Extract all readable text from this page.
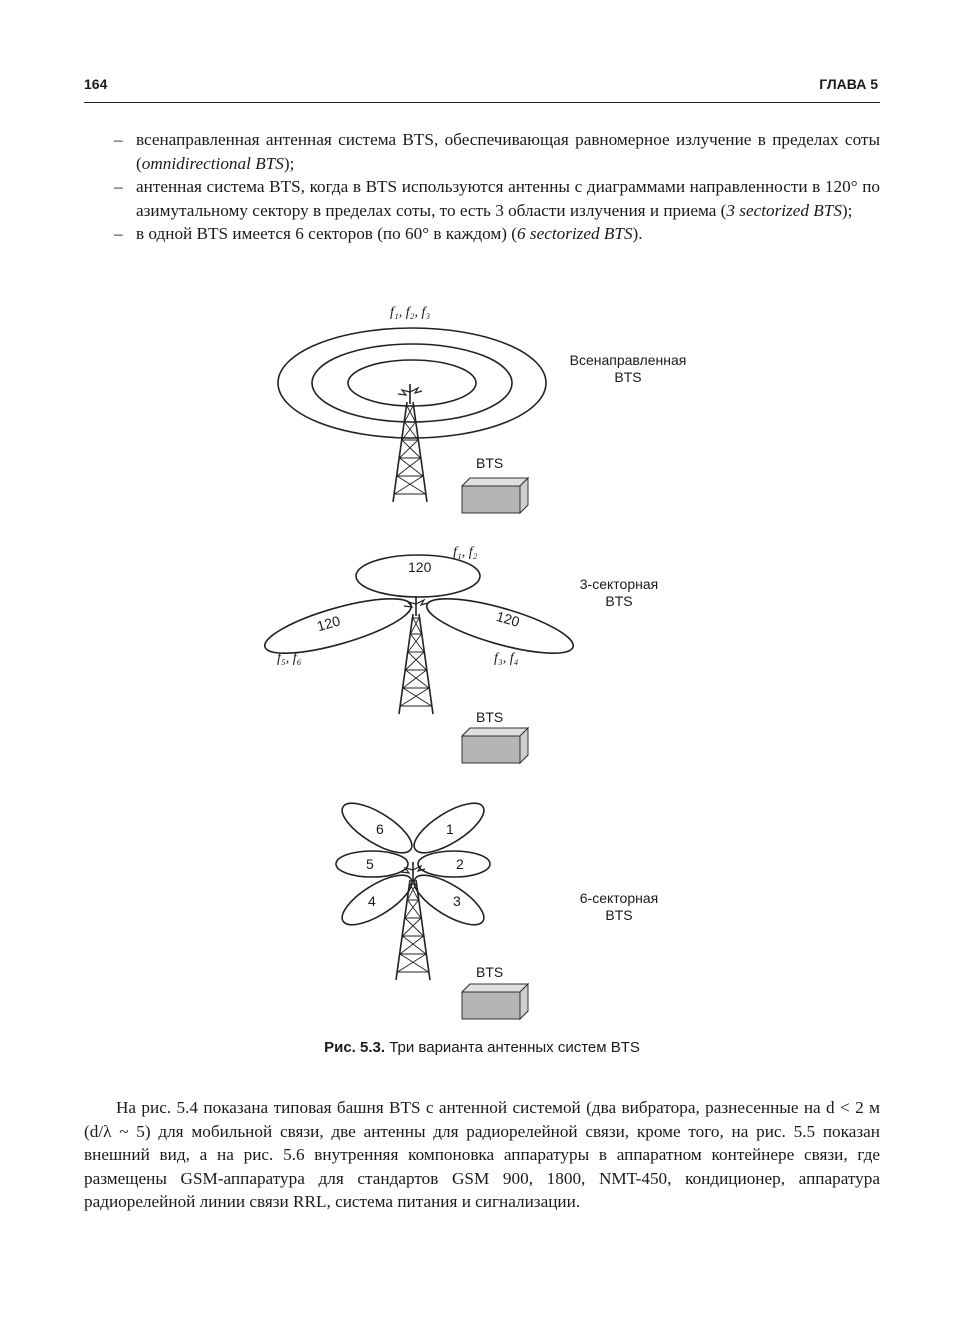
164	ГЛАВА 5

– всенаправленная антенная система BTS, обеспечивающая равномерное излучение в пределах соты (omnidirectional BTS);

– антенная система BTS, когда в BTS используются антенны с диаграммами направленности в 120° по азимутальному сектору в пределах соты, то есть 3 области излучения и приема (3 sectorized BTS);

– в одной BTS имеется 6 секторов (по 60° в каждом) (6 sectorized BTS).

f₁, f₂, f₃
Всенаправленная
BTS
BTS
f₁, f₂
f₅, f₆	f₃, f₄
120
120	120
3-секторная
BTS
BTS
6	1
5	2
4	3	6-секторная
BTS
BTS
Рис. 5.3. Три варианта антенных систем BTS

На рис. 5.4 показана типовая башня BTS с антенной системой (два вибратора, разнесенные на d < 2 м (d/λ ~ 5) для мобильной связи, две антенны для радиорелейной связи, кроме того, на рис. 5.5 показан внешний вид, а на рис. 5.6 внутренняя компоновка аппаратуры в аппаратном контейнере связи, где размещены GSM-аппаратура для стандартов GSM 900, 1800, NMT-450, кондиционер, аппаратура радиорелейной линии связи RRL, система питания и сигнализации.
